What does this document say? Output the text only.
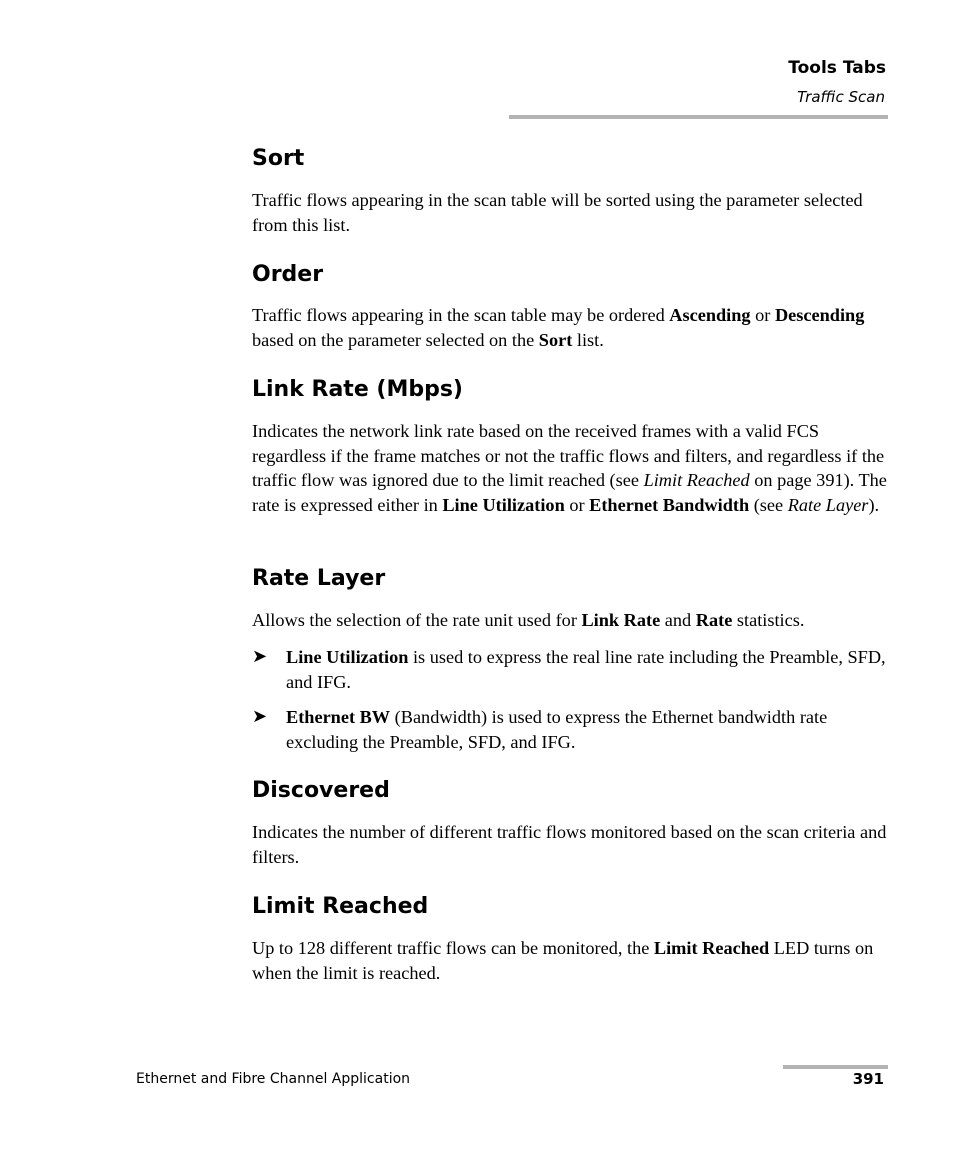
Tools Tabs
Traffic Scan
Sort

Traffic flows appearing in the scan table will be sorted using the parameter selected from this list.

Order

Traffic flows appearing in the scan table may be ordered Ascending or Descending based on the parameter selected on the Sort list.

Link Rate (Mbps)

Indicates the network link rate based on the received frames with a valid FCS regardless if the frame matches or not the traffic flows and filters, and regardless if the traffic flow was ignored due to the limit reached (see Limit Reached on page 391). The rate is expressed either in Line Utilization or Ethernet Bandwidth (see Rate Layer).

Rate Layer

Allows the selection of the rate unit used for Link Rate and Rate statistics.

➤ Line Utilization is used to express the real line rate including the Preamble, SFD, and IFG.

➤ Ethernet BW (Bandwidth) is used to express the Ethernet bandwidth rate excluding the Preamble, SFD, and IFG.

Discovered

Indicates the number of different traffic flows monitored based on the scan criteria and filters.

Limit Reached

Up to 128 different traffic flows can be monitored, the Limit Reached LED turns on when the limit is reached.

Ethernet and Fibre Channel Application	391
